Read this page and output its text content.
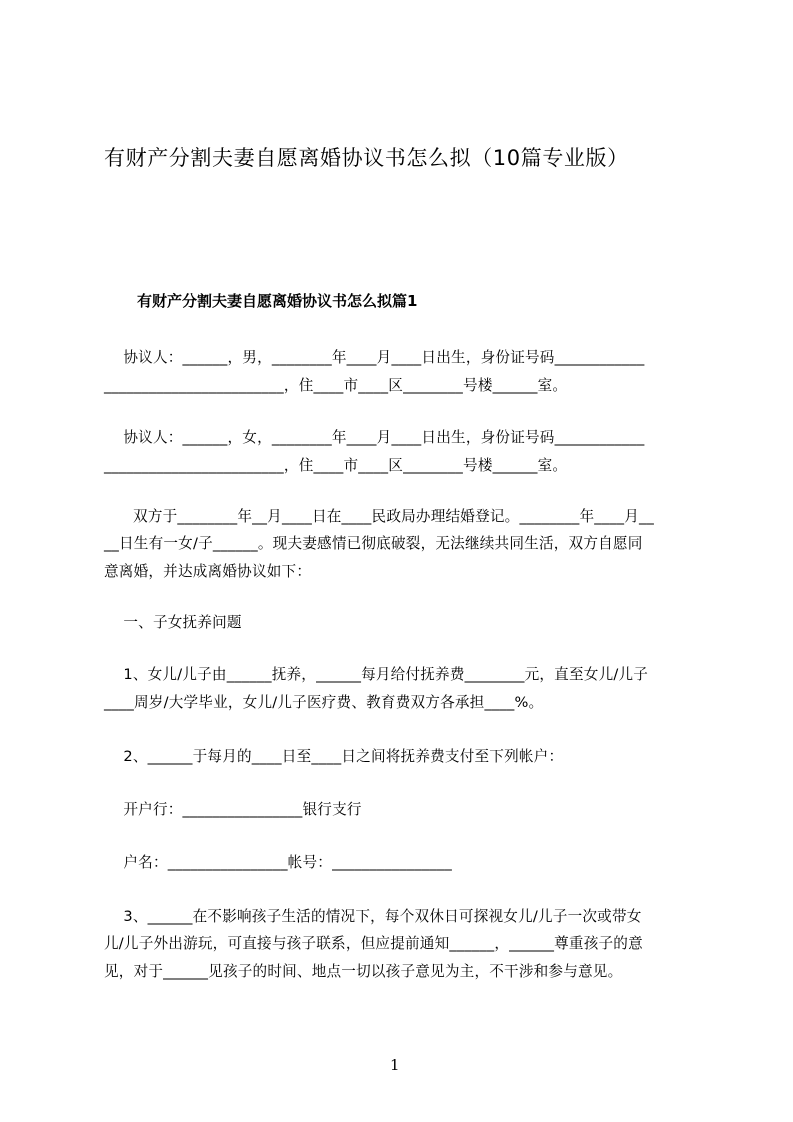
有财产分割夫妻自愿离婚协议书怎么拟（10篇专业版）
有财产分割夫妻自愿离婚协议书怎么拟篇1

协议人：______，男，________年____月____日出生，身份证号码____________

________________________，住____市____区________号楼______室。

协议人：______，女，________年____月____日出生，身份证号码____________

________________________，住____市____区________号楼______室。

双方于________年__月____日在____民政局办理结婚登记。________年____月__

__日生有一女/子______。现夫妻感情已彻底破裂，无法继续共同生活，双方自愿同

意离婚，并达成离婚协议如下：

一、子女抚养问题

1、女儿/儿子由______抚养，______每月给付抚养费________元，直至女儿/儿子

____周岁/大学毕业，女儿/儿子医疗费、教育费双方各承担____%。

2、______于每月的____日至____日之间将抚养费支付至下列帐户：

开户行：________________银行支行

户名：________________帐号：________________

3、______在不影响孩子生活的情况下，每个双休日可探视女儿/儿子一次或带女

儿/儿子外出游玩，可直接与孩子联系，但应提前通知______，______尊重孩子的意

见，对于______见孩子的时间、地点一切以孩子意见为主，不干涉和参与意见。

1
